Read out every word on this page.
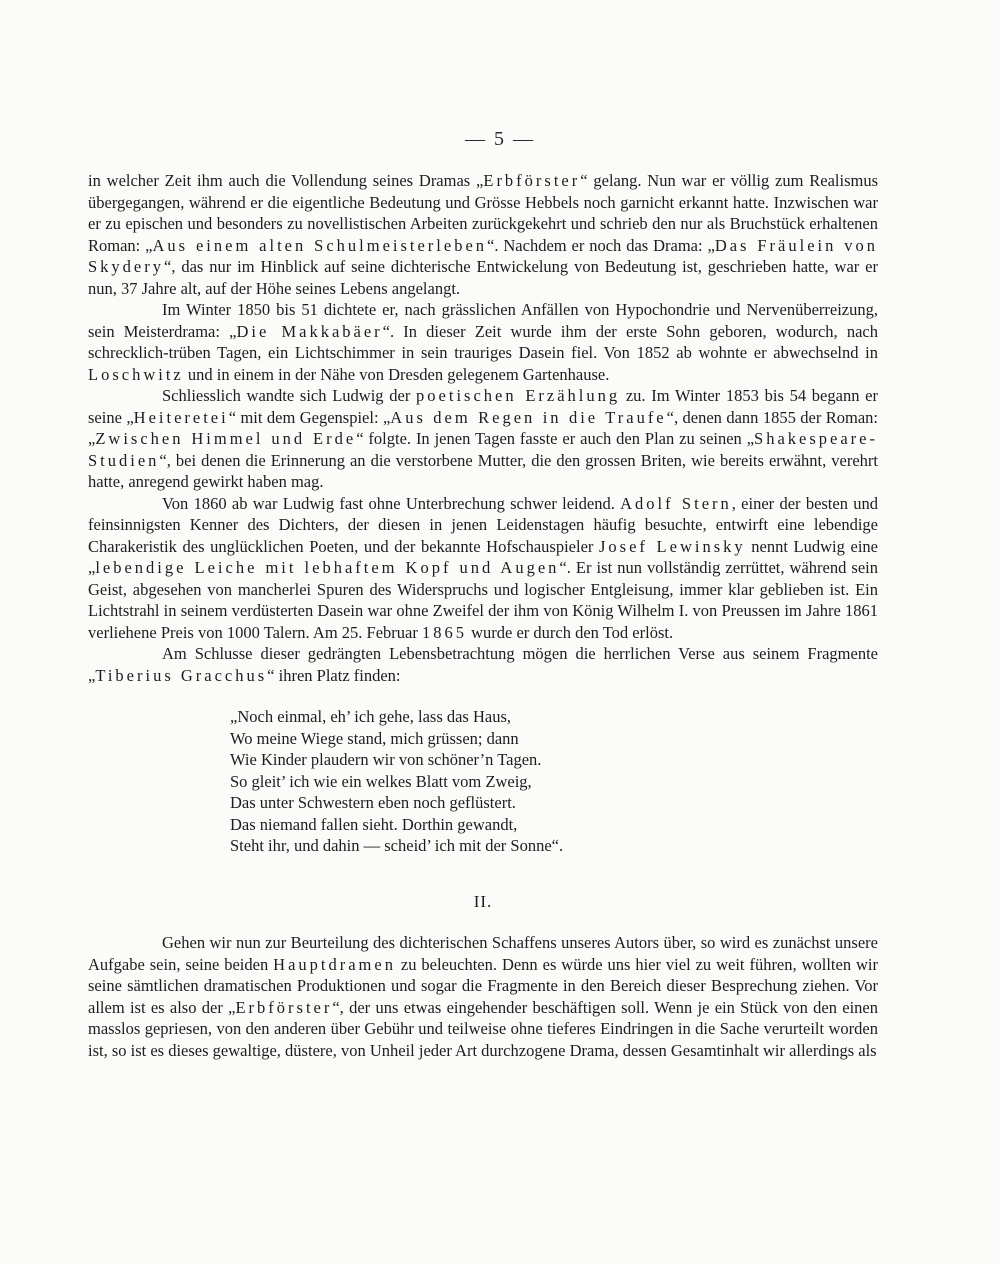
— 5 —

in welcher Zeit ihm auch die Vollendung seines Dramas „Erbförster“ gelang. Nun war er völlig zum Realismus übergegangen, während er die eigentliche Bedeutung und Grösse Hebbels noch garnicht erkannt hatte. Inzwischen war er zu epischen und besonders zu novellistischen Arbeiten zurückgekehrt und schrieb den nur als Bruchstück erhaltenen Roman: „Aus einem alten Schulmeisterleben“. Nachdem er noch das Drama: „Das Fräulein von Skydery“, das nur im Hinblick auf seine dichterische Entwickelung von Bedeutung ist, geschrieben hatte, war er nun, 37 Jahre alt, auf der Höhe seines Lebens angelangt.

Im Winter 1850 bis 51 dichtete er, nach grässlichen Anfällen von Hypochondrie und Nervenüberreizung, sein Meisterdrama: „Die Makkabäer“. In dieser Zeit wurde ihm der erste Sohn geboren, wodurch, nach schrecklich-trüben Tagen, ein Lichtschimmer in sein trauriges Dasein fiel. Von 1852 ab wohnte er abwechselnd in Loschwitz und in einem in der Nähe von Dresden gelegenem Gartenhause.

Schliesslich wandte sich Ludwig der poetischen Erzählung zu. Im Winter 1853 bis 54 begann er seine „Heiteretei“ mit dem Gegenspiel: „Aus dem Regen in die Traufe“, denen dann 1855 der Roman: „Zwischen Himmel und Erde“ folgte. In jenen Tagen fasste er auch den Plan zu seinen „Shakespeare-Studien“, bei denen die Erinnerung an die verstorbene Mutter, die den grossen Briten, wie bereits erwähnt, verehrt hatte, anregend gewirkt haben mag.

Von 1860 ab war Ludwig fast ohne Unterbrechung schwer leidend. Adolf Stern, einer der besten und feinsinnigsten Kenner des Dichters, der diesen in jenen Leidenstagen häufig besuchte, entwirft eine lebendige Charakeristik des unglücklichen Poeten, und der bekannte Hofschauspieler Josef Lewinsky nennt Ludwig eine „lebendige Leiche mit lebhaftem Kopf und Augen“. Er ist nun vollständig zerrüttet, während sein Geist, abgesehen von mancherlei Spuren des Widerspruchs und logischer Entgleisung, immer klar geblieben ist. Ein Lichtstrahl in seinem verdüsterten Dasein war ohne Zweifel der ihm von König Wilhelm I. von Preussen im Jahre 1861 verliehene Preis von 1000 Talern. Am 25. Februar 1865 wurde er durch den Tod erlöst.

Am Schlusse dieser gedrängten Lebensbetrachtung mögen die herrlichen Verse aus seinem Fragmente „Tiberius Gracchus“ ihren Platz finden:

„Noch einmal, eh’ ich gehe, lass das Haus,
Wo meine Wiege stand, mich grüssen; dann
Wie Kinder plaudern wir von schöner’n Tagen.
So gleit’ ich wie ein welkes Blatt vom Zweig,
Das unter Schwestern eben noch geflüstert.
Das niemand fallen sieht. Dorthin gewandt,
Steht ihr, und dahin — scheid’ ich mit der Sonne“.
II.

Gehen wir nun zur Beurteilung des dichterischen Schaffens unseres Autors über, so wird es zunächst unsere Aufgabe sein, seine beiden Hauptdramen zu beleuchten. Denn es würde uns hier viel zu weit führen, wollten wir seine sämtlichen dramatischen Produktionen und sogar die Fragmente in den Bereich dieser Besprechung ziehen. Vor allem ist es also der „Erbförster“, der uns etwas eingehender beschäftigen soll. Wenn je ein Stück von den einen masslos gepriesen, von den anderen über Gebühr und teilweise ohne tieferes Eindringen in die Sache verurteilt worden ist, so ist es dieses gewaltige, düstere, von Unheil jeder Art durchzogene Drama, dessen Gesamtinhalt wir allerdings als
